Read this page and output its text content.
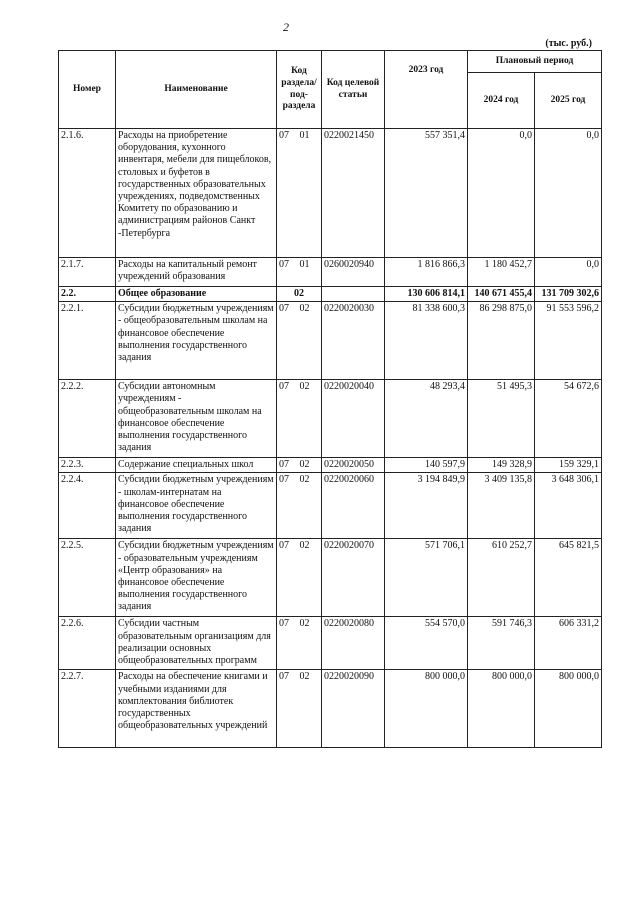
2
(тыс. руб.)
Номер	Наименование	Код раздела/ под- раздела	Код целевой статьи	2023 год	Плановый период	
					2024 год	2025 год
2.1.6.	Расходы на приобретение оборудования, кухонного инвентаря, мебели для пищеблоков, столовых и буфетов в государственных образовательных учреждениях, подведомственных Комитету по образованию и администрациям районов Санкт -Петербурга	07 01	0220021450	557 351,4	0,0	0,0
2.1.7.	Расходы на капитальный ремонт учреждений образования	07 01	0260020940	1 816 866,3	1 180 452,7	0,0
2.2.	Общее образование	02		130 606 814,1	140 671 455,4	131 709 302,6
2.2.1.	Субсидии бюджетным учреждениям - общеобразовательным школам на финансовое обеспечение выполнения государственного задания	07 02	0220020030	81 338 600,3	86 298 875,0	91 553 596,2
2.2.2.	Субсидии автономным учреждениям - общеобразовательным школам на финансовое обеспечение выполнения государственного задания	07 02	0220020040	48 293,4	51 495,3	54 672,6
2.2.3.	Содержание специальных школ	07 02	0220020050	140 597,9	149 328,9	159 329,1
2.2.4.	Субсидии бюджетным учреждениям - школам-интернатам на финансовое обеспечение выполнения государственного задания	07 02	0220020060	3 194 849,9	3 409 135,8	3 648 306,1
2.2.5.	Субсидии бюджетным учреждениям - образовательным учреждениям «Центр образования» на финансовое обеспечение выполнения государственного задания	07 02	0220020070	571 706,1	610 252,7	645 821,5
2.2.6.	Субсидии частным образовательным организациям для реализации основных общеобразовательных программ	07 02	0220020080	554 570,0	591 746,3	606 331,2
2.2.7.	Расходы на обеспечение книгами и учебными изданиями для комплектования библиотек государственных общеобразовательных учреждений	07 02	0220020090	800 000,0	800 000,0	800 000,0
